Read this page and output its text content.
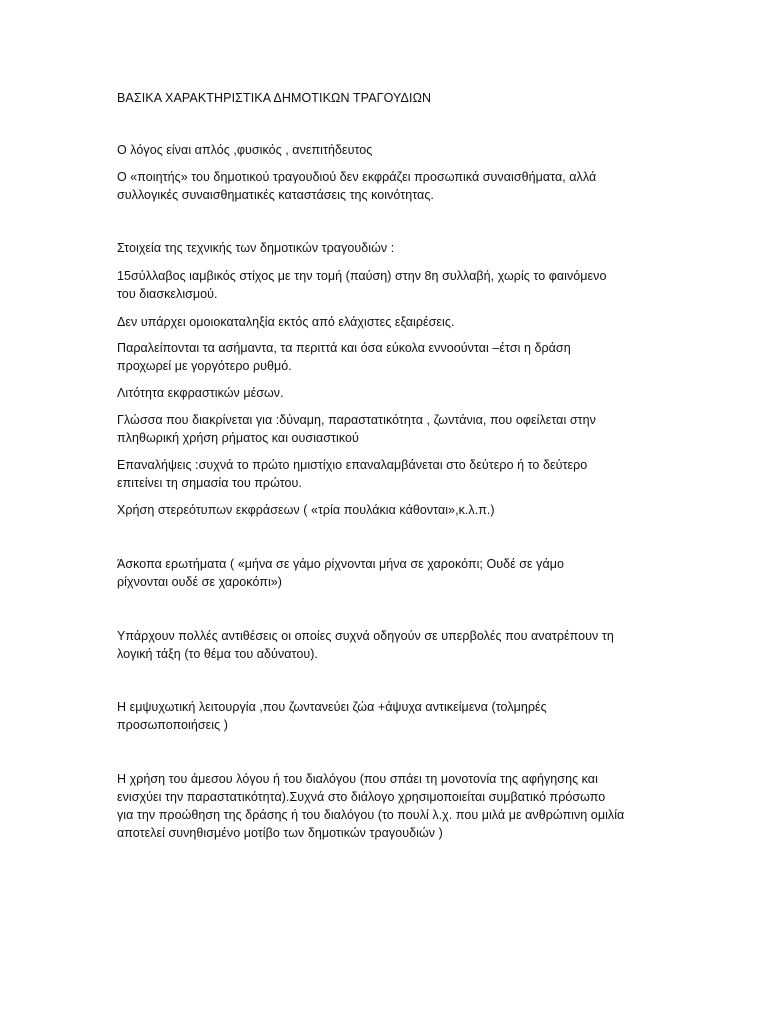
ΒΑΣΙΚΑ ΧΑΡΑΚΤΗΡΙΣΤΙΚΑ ΔΗΜΟΤΙΚΩΝ ΤΡΑΓΟΥΔΙΩΝ
Ο λόγος είναι απλός ,φυσικός , ανεπιτήδευτος
Ο «ποιητής» του δημοτικού τραγουδιού δεν εκφράζει προσωπικά συναισθήματα, αλλά
συλλογικές συναισθηματικές καταστάσεις της κοινότητας.
Στοιχεία της τεχνικής των δημοτικών τραγουδιών :
15σύλλαβος ιαμβικός στίχος με την τομή (παύση) στην 8η συλλαβή, χωρίς το φαινόμενο
του διασκελισμού.
Δεν υπάρχει ομοιοκαταληξία εκτός από ελάχιστες εξαιρέσεις.
Παραλείπονται τα ασήμαντα, τα περιττά και όσα εύκολα εννοούνται –έτσι η δράση
προχωρεί με γοργότερο ρυθμό.
Λιτότητα εκφραστικών μέσων.
Γλώσσα που διακρίνεται για :δύναμη, παραστατικότητα , ζωντάνια, που οφείλεται στην
πληθωρική χρήση ρήματος και ουσιαστικού
Επαναλήψεις :συχνά το πρώτο ημιστίχιο επαναλαμβάνεται στο δεύτερο ή το δεύτερο
επιτείνει τη σημασία του πρώτου.
Χρήση στερεότυπων εκφράσεων ( «τρία πουλάκια κάθονται»,κ.λ.π.)
Άσκοπα ερωτήματα ( «μήνα σε γάμο ρίχνονται μήνα σε χαροκόπι; Ουδέ σε γάμο
ρίχνονται ουδέ σε χαροκόπι»)
Υπάρχουν πολλές αντιθέσεις οι οποίες συχνά οδηγούν σε υπερβολές που ανατρέπουν τη
λογική τάξη (το θέμα του αδύνατου).
Η εμψυχωτική λειτουργία ,που ζωντανεύει ζώα +άψυχα αντικείμενα (τολμηρές
προσωποποιήσεις )
Η χρήση του άμεσου λόγου ή του διαλόγου (που σπάει τη μονοτονία της αφήγησης και
ενισχύει την παραστατικότητα).Συχνά στο διάλογο χρησιμοποιείται συμβατικό πρόσωπο
για την προώθηση της δράσης ή του διαλόγου (το πουλί λ.χ. που μιλά με ανθρώπινη ομιλία
αποτελεί συνηθισμένο μοτίβο των δημοτικών τραγουδιών )
